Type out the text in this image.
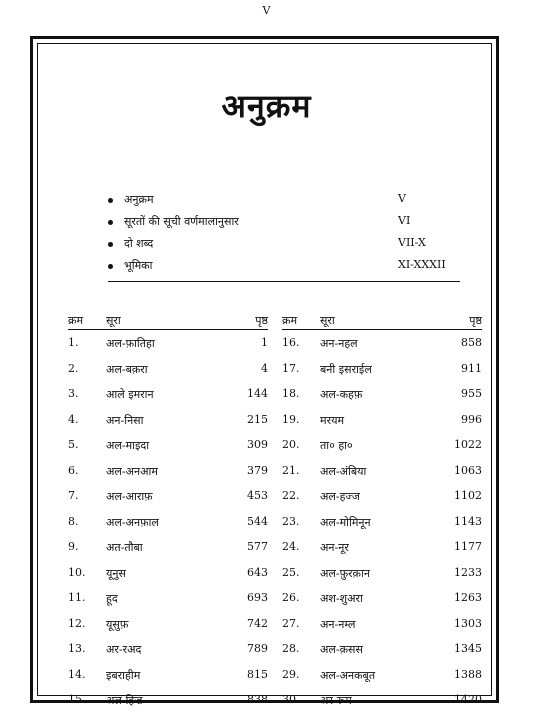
V
अनुक्रम
अनुक्रम	V
सूरतों की सूची वर्णमालानुसार	VI
दो शब्द	VII-X
भूमिका	XI-XXXII
क्रम सूरा	पृष्ठ
1.	अल-फ़ातिहा	1
2.	अल-बक़रा	4
3.	आले इमरान	144
4.	अन-निसा	215
5.	अल-माइदा	309
6.	अल-अनआम	379
7.	अल-आराफ़	453
8.	अल-अनफ़ाल	544
9.	अत-तौबा	577
10. यूनुस	643
11. हूद	693
12. यूसुफ़	742
13. अर-रअद	789
14. इबराहीम	815
15. अल-हिज्र	838
क्रम सूरा	पृष्ठ
16. अन-नहल	858
17. बनी इसराईल	911
18. अल-कहफ़	955
19. मरयम	996
20. ता० हा०	1022
21. अल-अंबिया	1063
22. अल-हज्ज	1102
23. अल-मोमिनून	1143
24. अन-नूर	1177
25. अल-फ़ुरक़ान	1233
26. अश-शुअरा	1263
27. अन-नम्ल	1303
28. अल-क़सस	1345
29. अल-अनकबूत	1388
30. अर-रूम	1420
